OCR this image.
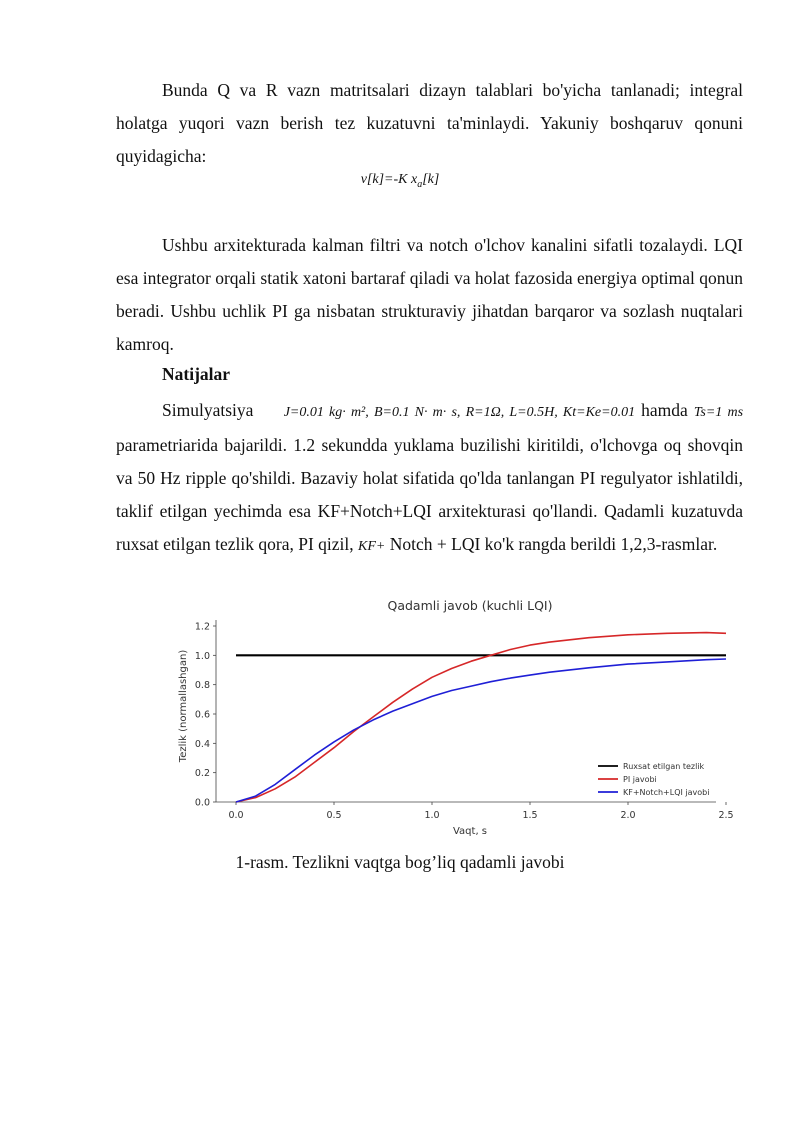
Bunda Q va R vazn matritsalari dizayn talablari bo'yicha tanlanadi; integral holatga yuqori vazn berish tez kuzatuvni ta'minlaydi. Yakuniy boshqaruv qonuni quyidagicha:

v[k]=-K $x_a[k]$

Ushbu arxitekturada kalman filtri va notch o'lchov kanalini sifatli tozalaydi. LQI esa integrator orqali statik xatoni bartaraf qiladi va holat fazosida energiya optimal qonun beradi. Ushbu uchlik PI ga nisbatan strukturaviy jihatdan barqaror va sozlash nuqtalari kamroq.

Natijalar

Simulyatsiya J=0.01 kg· m², B=0.1 N· m· s, R=1Ω, L=0.5H, Kt=Ke=0.01 hamda Ts=1 ms parametriarida bajarildi. 1.2 sekundda yuklama buzilishi kiritildi, o'lchovga oq shovqin va 50 Hz ripple qo'shildi. Bazaviy holat sifatida qo'lda tanlangan PI regulyator ishlatildi, taklif etilgan yechimda esa KF+Notch+LQI arxitekturasi qo'llandi. Qadamli kuzatuvda ruxsat etilgan tezlik qora, PI qizil, KF+ Notch + LQI ko'k rangda berildi 1,2,3-rasmlar.

Qadamli javob (kuchli LQI)
Tezlik (normallashgan)
Vaqt, s
0.0
0.2
0.4
0.6
0.8
1.0
1.2
0.0	0.5	1.0	1.5	2.0	2.5
Ruxsat etilgan tezlik
PI javobi
KF+Notch+LQI javobi
1-rasm. Tezlikni vaqtga bog’liq qadamli javobi
